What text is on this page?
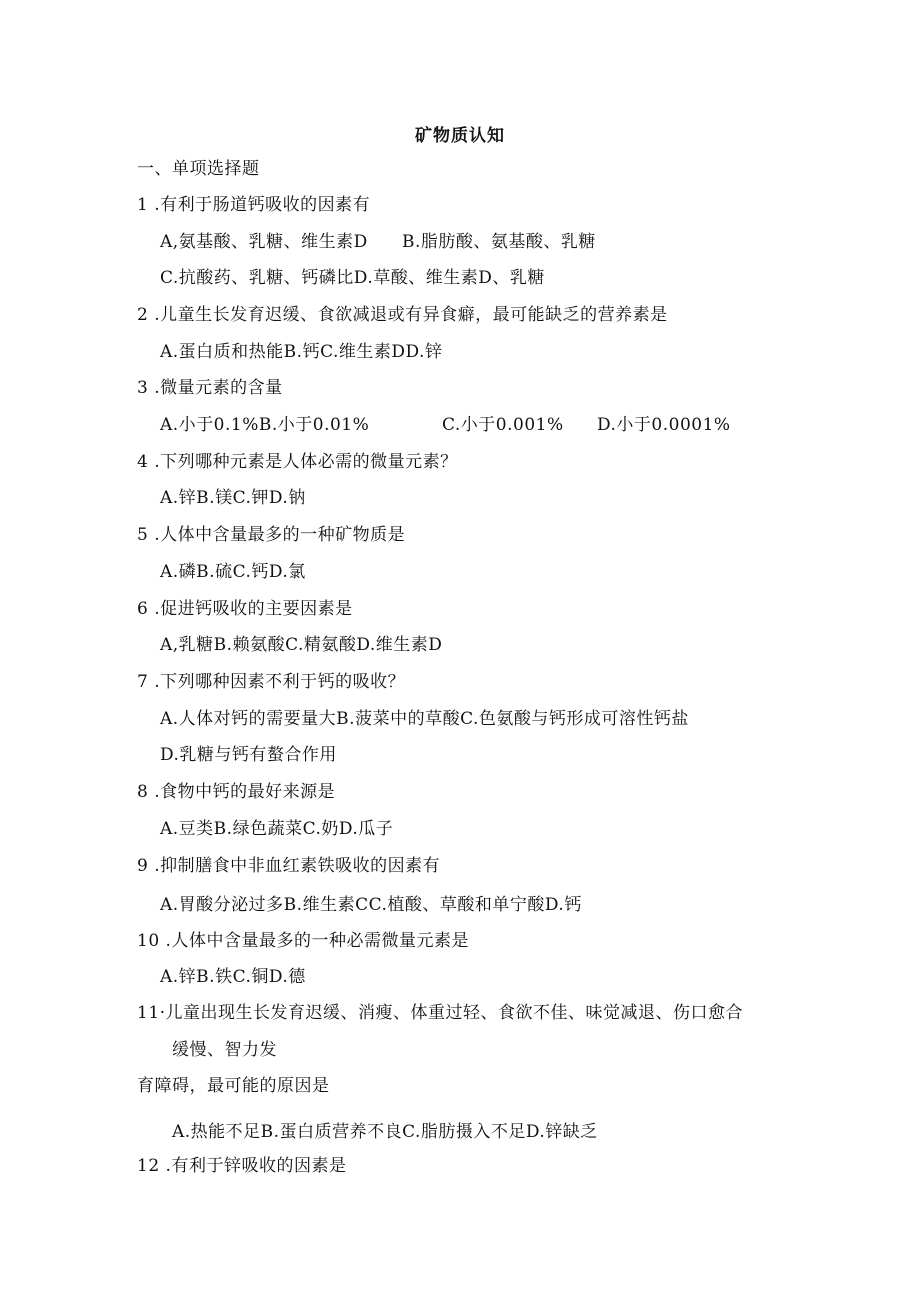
矿物质认知
一、单项选择题
1 .有利于肠道钙吸收的因素有
A,氨基酸、乳糖、维生素D B.脂肪酸、氨基酸、乳糖
C.抗酸药、乳糖、钙磷比D.草酸、维生素D、乳糖
2 .儿童生长发育迟缓、食欲减退或有异食癖，最可能缺乏的营养素是
A.蛋白质和热能B.钙C.维生素DD.锌
3 .微量元素的含量
A.小于0.1%B.小于0.01%	C.小于0.001% D.小于0.0001%
4 .下列哪种元素是人体必需的微量元素？
A.锌B.镁C.钾D.钠
5 .人体中含量最多的一种矿物质是
A.磷B.硫C.钙D.氯
6 .促进钙吸收的主要因素是
A,乳糖B.赖氨酸C.精氨酸D.维生素D
7 .下列哪种因素不利于钙的吸收？
A.人体对钙的需要量大B.菠菜中的草酸C.色氨酸与钙形成可溶性钙盐
D.乳糖与钙有螯合作用
8 .食物中钙的最好来源是
A.豆类B.绿色蔬菜C.奶D.瓜子
9 .抑制膳食中非血红素铁吸收的因素有
A.胃酸分泌过多B.维生素CC.植酸、草酸和单宁酸D.钙
10 .人体中含量最多的一种必需微量元素是
A.锌B.铁C.铜D.德
11·儿童出现生长发育迟缓、消瘦、体重过轻、食欲不佳、味觉减退、伤口愈合
缓慢、智力发
育障碍，最可能的原因是
A.热能不足B.蛋白质营养不良C.脂肪摄入不足D.锌缺乏
12 .有利于锌吸收的因素是
